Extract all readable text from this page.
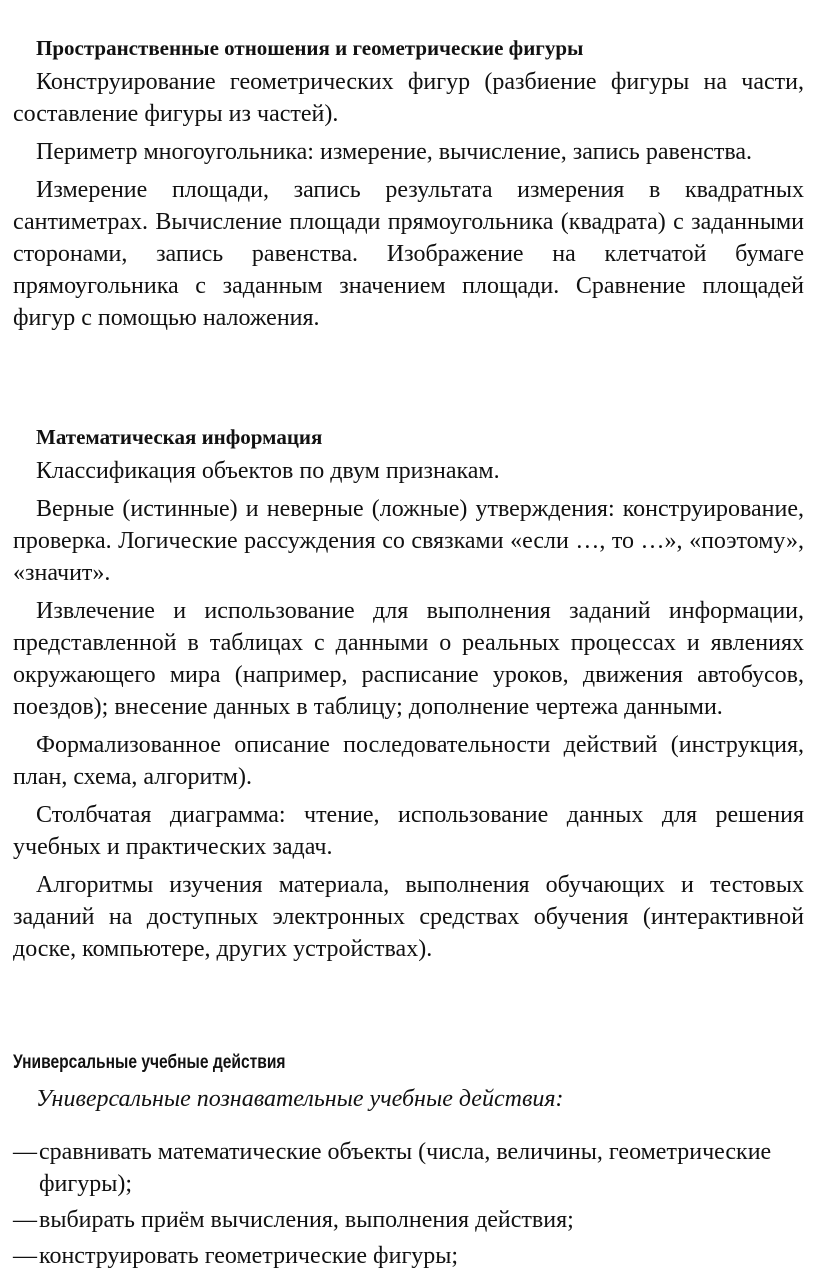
Пространственные отношения и геометрические фигуры

Конструирование геометрических фигур (разбиение фигуры на части, составление фигуры из частей).

Периметр многоугольника: измерение, вычисление, запись равенства.

Измерение площади, запись результата измерения в квадратных сантиметрах. Вычисление площади прямоугольника (квадрата) с заданными сторонами, запись равенства. Изображение на клетчатой бумаге прямоугольника с заданным значением площади. Сравнение площадей фигур с помощью наложения.

Математическая информация

Классификация объектов по двум признакам.

Верные (истинные) и неверные (ложные) утверждения: конструирование, проверка. Логические рассуждения со связками «если …, то …», «поэтому», «значит».

Извлечение и использование для выполнения заданий информации, представленной в таблицах с данными о реальных процессах и явлениях окружающего мира (например, расписание уроков, движения автобусов, поездов); внесение данных в таблицу; дополнение чертежа данными.

Формализованное описание последовательности действий (инструкция, план, схема, алгоритм).

Столбчатая диаграмма: чтение, использование данных для решения учебных и практических задач.

Алгоритмы изучения материала, выполнения обучающих и тестовых заданий на доступных электронных средствах обучения (интерактивной доске, компьютере, других устройствах).

Универсальные учебные действия
Универсальные познавательные учебные действия:
—сравнивать математические объекты (числа, величины, геометрические фигуры);
—выбирать приём вычисления, выполнения действия;
—конструировать геометрические фигуры;
